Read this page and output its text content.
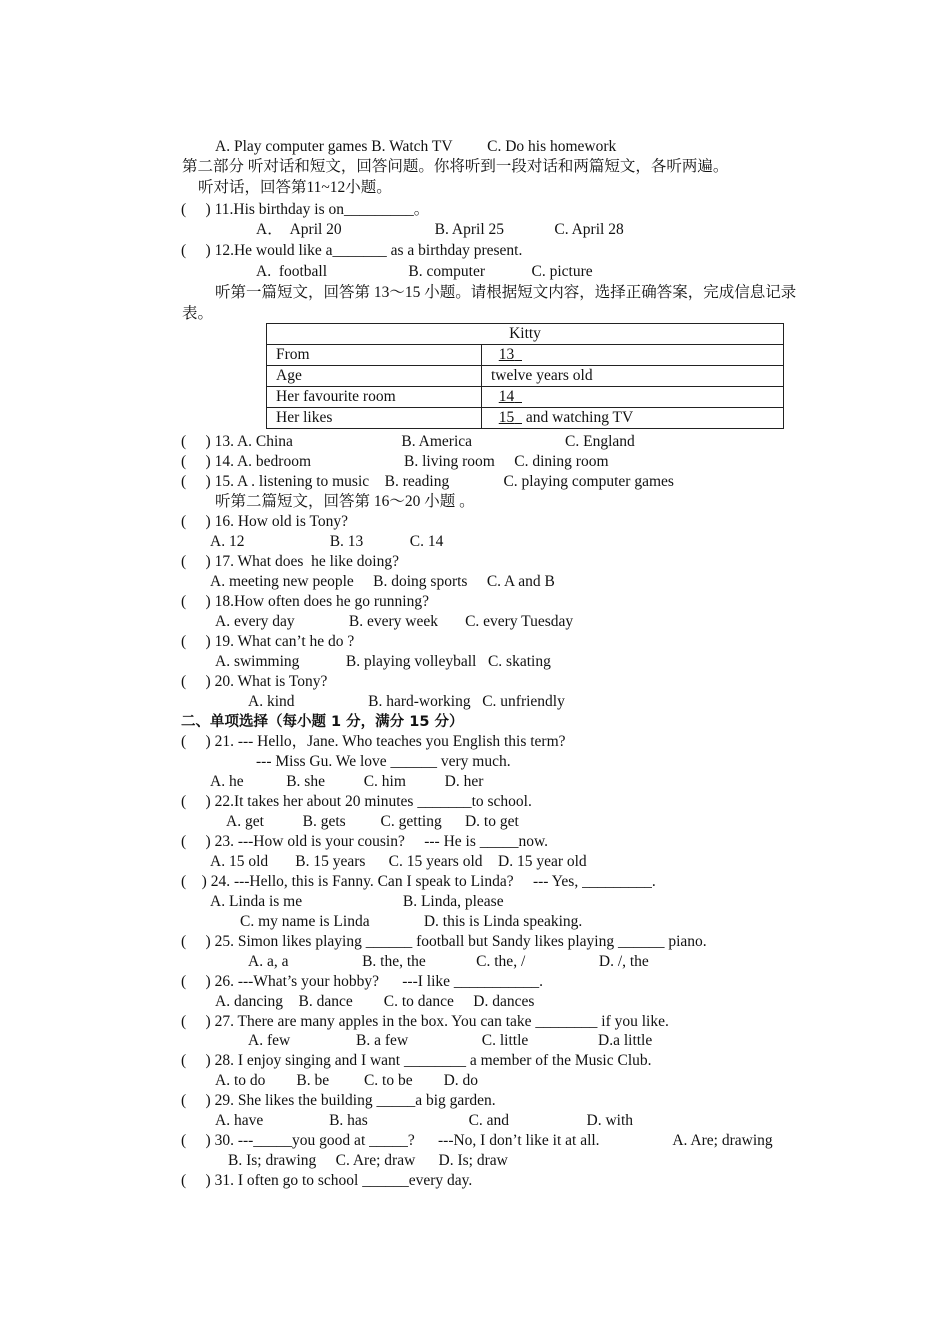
A. Play computer games B. Watch TV         C. Do his homework
第二部分 听对话和短文，回答问题。你将听到一段对话和两篇短文，各听两遍。
听对话，回答第11~12小题。
(     ) 11.His birthday is on_________。
A．  April 20                        B. April 25             C. April 28
(     ) 12.He would like a_______ as a birthday present.
A.  football                     B. computer            C. picture
听第一篇短文，回答第 13～15 小题。请根据短文内容，选择正确答案，完成信息记录
表。
Kitty	
From	13
Age	twelve years old
Her favourite room	14
Her likes	15   and watching TV
(     ) 13. A. China                            B. America                        C. England
(     ) 14. A. bedroom                        B. living room     C. dining room
(     ) 15. A . listening to music    B. reading              C. playing computer games
听第二篇短文，回答第 16～20 小题 。
(     ) 16. How old is Tony?
A. 12                      B. 13            C. 14
(     ) 17. What does  he like doing?
A. meeting new people     B. doing sports     C. A and B
(     ) 18.How often does he go running?
A. every day              B. every week       C. every Tuesday
(     ) 19. What can’t he do ?
A. swimming            B. playing volleyball   C. skating
(     ) 20. What is Tony?
A. kind                   B. hard-working   C. unfriendly
二、单项选择（每小题 1 分，满分 15 分）
(     ) 21. --- Hello，Jane. Who teaches you English this term?
--- Miss Gu. We love ______ very much.
A. he           B. she          C. him          D. her
(     ) 22.It takes her about 20 minutes _______to school.
A. get          B. gets         C. getting      D. to get
(     ) 23. ---How old is your cousin?     --- He is _____now.
A. 15 old       B. 15 years      C. 15 years old    D. 15 year old
(    ) 24. ---Hello, this is Fanny. Can I speak to Linda?     --- Yes, _________.
A. Linda is me                          B. Linda, please
C. my name is Linda              D. this is Linda speaking.
(     ) 25. Simon likes playing ______ football but Sandy likes playing ______ piano.
A. a, a                   B. the, the             C. the, /                   D. /, the
(     ) 26. ---What’s your hobby?      ---I like ___________.
A. dancing    B. dance        C. to dance     D. dances
(     ) 27. There are many apples in the box. You can take ________ if you like.
A. few                 B. a few                   C. little                  D.a little
(     ) 28. I enjoy singing and I want ________ a member of the Music Club.
A. to do        B. be         C. to be        D. do
(     ) 29. She likes the building _____a big garden.
A. have                 B. has                          C. and                    D. with
(     ) 30. ---_____you good at _____?      ---No, I don’t like it at all.                   A. Are; drawing
B. Is; drawing     C. Are; draw      D. Is; draw
(     ) 31. I often go to school ______every day.
